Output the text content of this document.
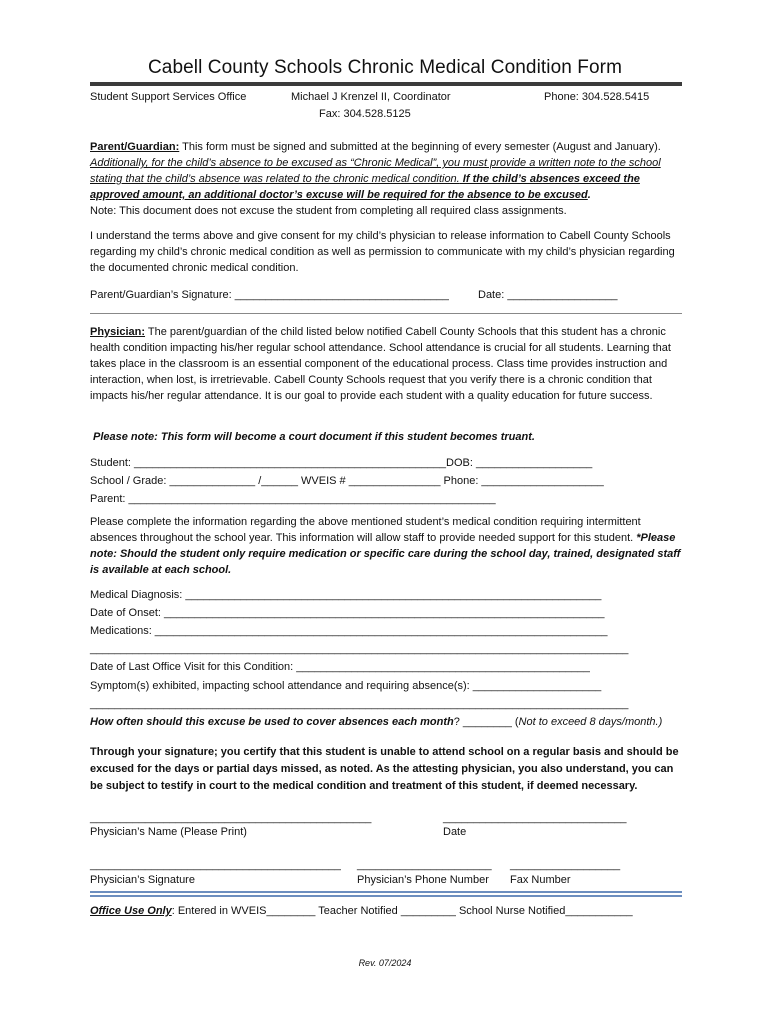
Cabell County Schools Chronic Medical Condition Form
Student Support Services Office	Michael J Krenzel II, Coordinator	Phone: 304.528.5415
Fax: 304.528.5125
Parent/Guardian: This form must be signed and submitted at the beginning of every semester (August and January). Additionally, for the child’s absence to be excused as “Chronic Medical”, you must provide a written note to the school stating that the child’s absence was related to the chronic medical condition. If the child’s absences exceed the approved amount, an additional doctor’s excuse will be required for the absence to be excused.
Note: This document does not excuse the student from completing all required class assignments.
I understand the terms above and give consent for my child’s physician to release information to Cabell County Schools regarding my child’s chronic medical condition as well as permission to communicate with my child’s physician regarding the documented chronic medical condition.
Parent/Guardian’s Signature: ___________________________________	Date: __________________
Physician: The parent/guardian of the child listed below notified Cabell County Schools that this student has a chronic health condition impacting his/her regular school attendance. School attendance is crucial for all students. Learning that takes place in the classroom is an essential component of the educational process. Class time provides instruction and interaction, when lost, is irretrievable. Cabell County Schools request that you verify there is a chronic condition that impacts his/her regular attendance. It is our goal to provide each student with a quality education for future success.
Please note: This form will become a court document if this student becomes truant.
Student: ___________________________________________________DOB: ___________________
School / Grade: ______________ /______ WVEIS # _______________ Phone: ____________________
Parent: ____________________________________________________________
Please complete the information regarding the above mentioned student’s medical condition requiring intermittent absences throughout the school year. This information will allow staff to provide needed support for this student. *Please note: Should the student only require medication or specific care during the school day, trained, designated staff is available at each school.
Medical Diagnosis: ____________________________________________________________________
Date of Onset: ________________________________________________________________________
Medications: __________________________________________________________________________
________________________________________________________________________________________
Date of Last Office Visit for this Condition: ________________________________________________
Symptom(s) exhibited, impacting school attendance and requiring absence(s): _____________________
________________________________________________________________________________________
How often should this excuse be used to cover absences each month? ________ (Not to exceed 8 days/month.)
Through your signature; you certify that this student is unable to attend school on a regular basis and should be excused for the days or partial days missed, as noted. As the attesting physician, you also understand, you can be subject to testify in court to the medical condition and treatment of this student, if deemed necessary.
______________________________________________	______________________________
Physician’s Name (Please Print)	Date
_________________________________________ ______________________ __________________
Physician’s Signature	Physician’s Phone Number Fax Number
Office Use Only: Entered in WVEIS________ Teacher Notified _________ School Nurse Notified___________
Rev. 07/2024
